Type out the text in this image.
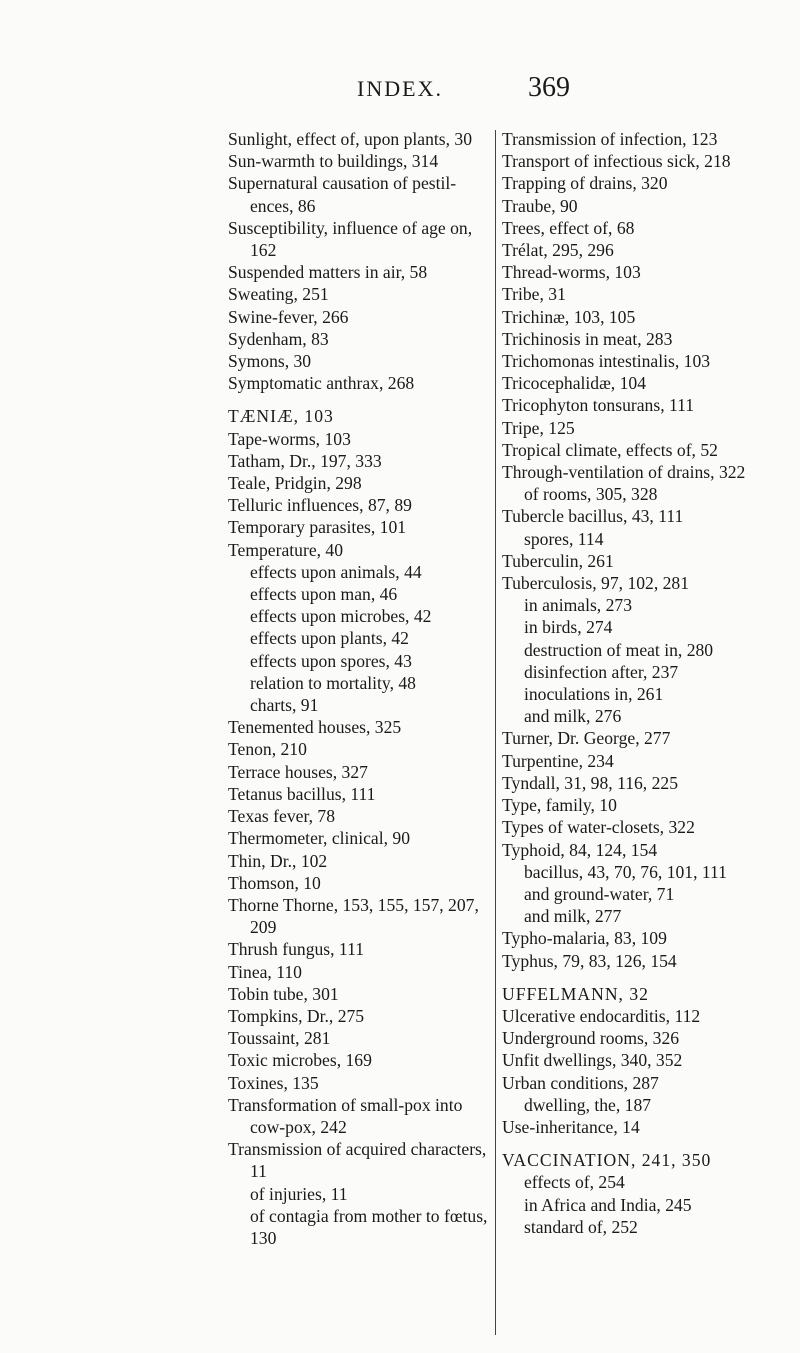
INDEX.	369
Sunlight, effect of, upon plants, 30
Sun-warmth to buildings, 314
Supernatural causation of pestil-
ences, 86
Susceptibility, influence of age on,
162
Suspended matters in air, 58
Sweating, 251
Swine-fever, 266
Sydenham, 83
Symons, 30
Symptomatic anthrax, 268
TÆNIÆ, 103
Tape-worms, 103
Tatham, Dr., 197, 333
Teale, Pridgin, 298
Telluric influences, 87, 89
Temporary parasites, 101
Temperature, 40
effects upon animals, 44
effects upon man, 46
effects upon microbes, 42
effects upon plants, 42
effects upon spores, 43
relation to mortality, 48
charts, 91
Tenemented houses, 325
Tenon, 210
Terrace houses, 327
Tetanus bacillus, 111
Texas fever, 78
Thermometer, clinical, 90
Thin, Dr., 102
Thomson, 10
Thorne Thorne, 153, 155, 157, 207,
209
Thrush fungus, 111
Tinea, 110
Tobin tube, 301
Tompkins, Dr., 275
Toussaint, 281
Toxic microbes, 169
Toxines, 135
Transformation of small-pox into
cow-pox, 242
Transmission of acquired characters,
11
of injuries, 11
of contagia from mother to fœtus,
130
Transmission of infection, 123
Transport of infectious sick, 218
Trapping of drains, 320
Traube, 90
Trees, effect of, 68
Trélat, 295, 296
Thread-worms, 103
Tribe, 31
Trichinæ, 103, 105
Trichinosis in meat, 283
Trichomonas intestinalis, 103
Tricocephalidæ, 104
Tricophyton tonsurans, 111
Tripe, 125
Tropical climate, effects of, 52
Through-ventilation of drains, 322
of rooms, 305, 328
Tubercle bacillus, 43, 111
spores, 114
Tuberculin, 261
Tuberculosis, 97, 102, 281
in animals, 273
in birds, 274
destruction of meat in, 280
disinfection after, 237
inoculations in, 261
and milk, 276
Turner, Dr. George, 277
Turpentine, 234
Tyndall, 31, 98, 116, 225
Type, family, 10
Types of water-closets, 322
Typhoid, 84, 124, 154
bacillus, 43, 70, 76, 101, 111
and ground-water, 71
and milk, 277
Typho-malaria, 83, 109
Typhus, 79, 83, 126, 154
UFFELMANN, 32
Ulcerative endocarditis, 112
Underground rooms, 326
Unfit dwellings, 340, 352
Urban conditions, 287
dwelling, the, 187
Use-inheritance, 14
VACCINATION, 241, 350
effects of, 254
in Africa and India, 245
standard of, 252
